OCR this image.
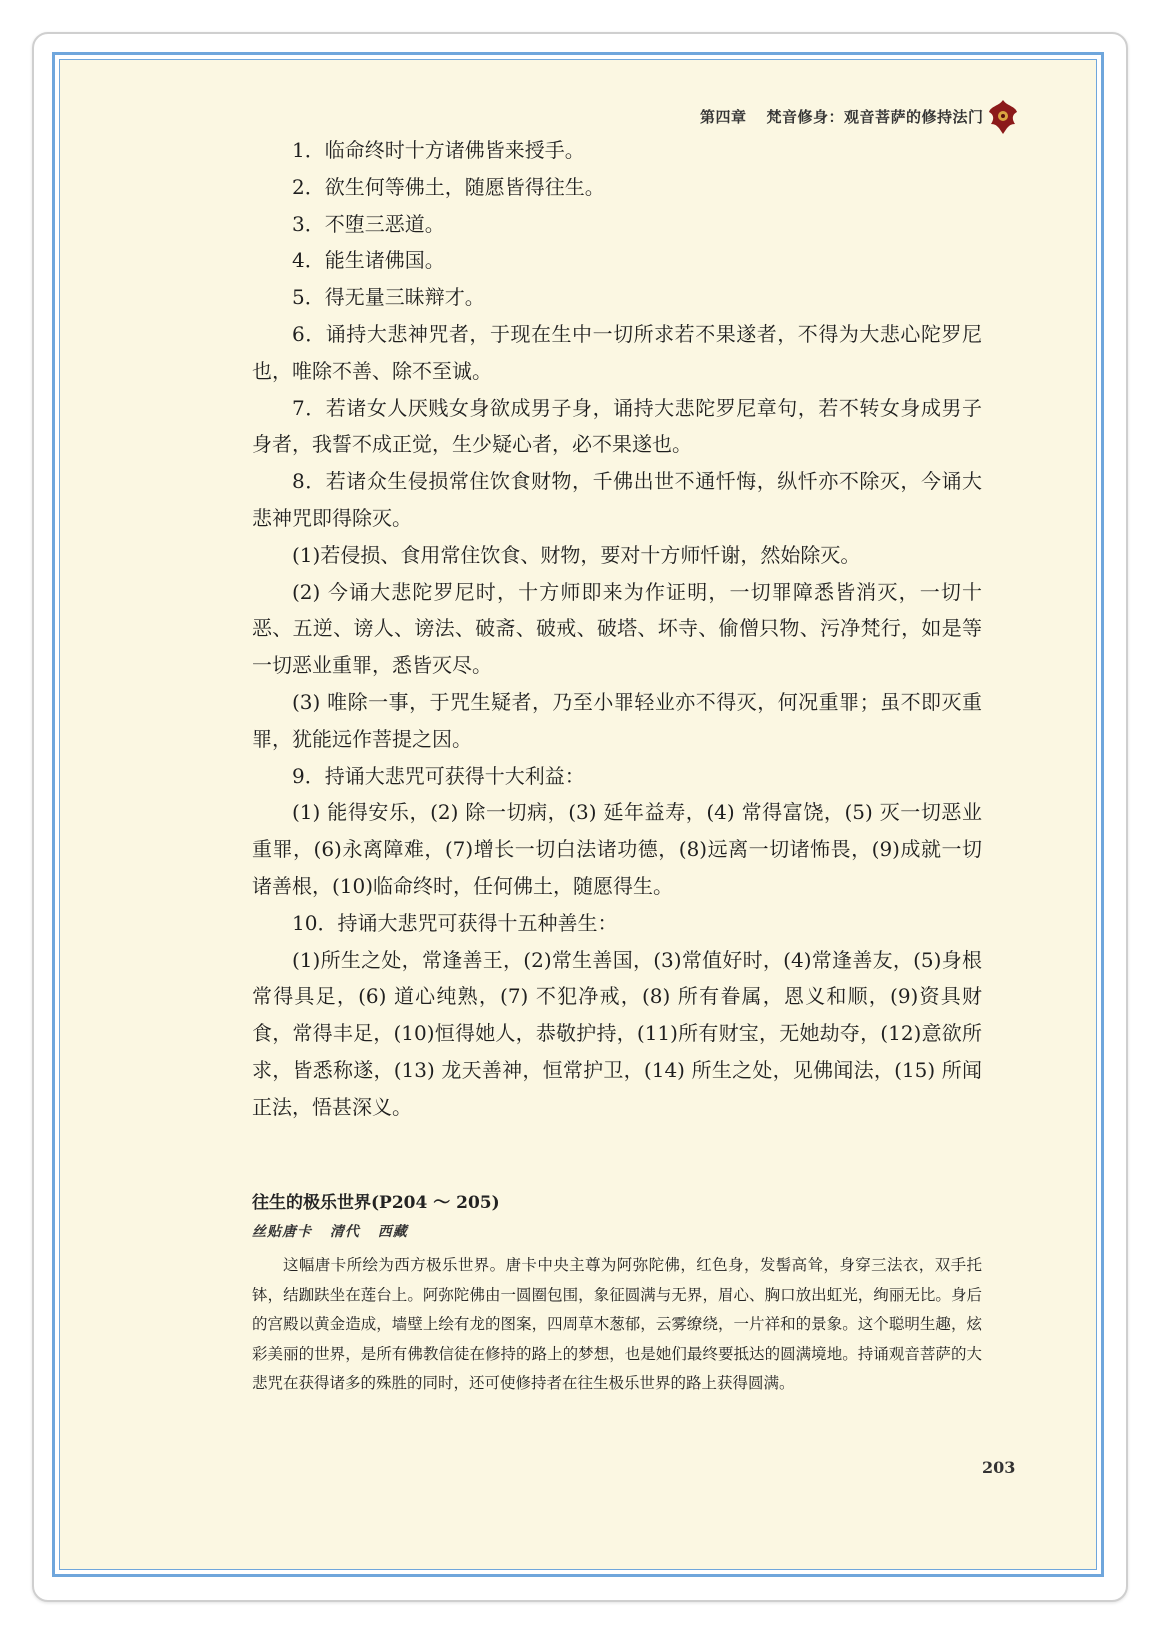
第四章 梵音修身：观音菩萨的修持法门

1．临命终时十方诸佛皆来授手。

2．欲生何等佛土，随愿皆得往生。

3．不堕三恶道。

4．能生诸佛国。

5．得无量三昧辩才。

6．诵持大悲神咒者，于现在生中一切所求若不果遂者，不得为大悲心陀罗尼也，唯除不善、除不至诚。

7．若诸女人厌贱女身欲成男子身，诵持大悲陀罗尼章句，若不转女身成男子身者，我誓不成正觉，生少疑心者，必不果遂也。

8．若诸众生侵损常住饮食财物，千佛出世不通忏悔，纵忏亦不除灭，今诵大悲神咒即得除灭。

(1)若侵损、食用常住饮食、财物，要对十方师忏谢，然始除灭。

(2) 今诵大悲陀罗尼时，十方师即来为作证明，一切罪障悉皆消灭，一切十恶、五逆、谤人、谤法、破斋、破戒、破塔、坏寺、偷僧只物、污净梵行，如是等一切恶业重罪，悉皆灭尽。

(3) 唯除一事，于咒生疑者，乃至小罪轻业亦不得灭，何况重罪；虽不即灭重罪，犹能远作菩提之因。

9．持诵大悲咒可获得十大利益：

(1) 能得安乐，(2) 除一切病，(3) 延年益寿，(4) 常得富饶，(5) 灭一切恶业重罪，(6)永离障难，(7)增长一切白法诸功德，(8)远离一切诸怖畏，(9)成就一切诸善根，(10)临命终时，任何佛土，随愿得生。

10．持诵大悲咒可获得十五种善生：

(1)所生之处，常逢善王，(2)常生善国，(3)常值好时，(4)常逢善友，(5)身根常得具足，(6) 道心纯熟，(7) 不犯净戒，(8) 所有眷属，恩义和顺，(9)资具财食，常得丰足，(10)恒得她人，恭敬护持，(11)所有财宝，无她劫夺，(12)意欲所求，皆悉称遂，(13) 龙天善神，恒常护卫，(14) 所生之处，见佛闻法，(15) 所闻正法，悟甚深义。

往生的极乐世界(P204 ～ 205)
丝贴唐卡 清代 西藏
这幅唐卡所绘为西方极乐世界。唐卡中央主尊为阿弥陀佛，红色身，发髻高耸，身穿三法衣，双手托钵，结跏趺坐在莲台上。阿弥陀佛由一圆圈包围，象征圆满与无界，眉心、胸口放出虹光，绚丽无比。身后的宫殿以黄金造成，墙壁上绘有龙的图案，四周草木葱郁，云雾缭绕，一片祥和的景象。这个聪明生趣，炫彩美丽的世界，是所有佛教信徒在修持的路上的梦想，也是她们最终要抵达的圆满境地。持诵观音菩萨的大悲咒在获得诸多的殊胜的同时，还可使修持者在往生极乐世界的路上获得圆满。
203
